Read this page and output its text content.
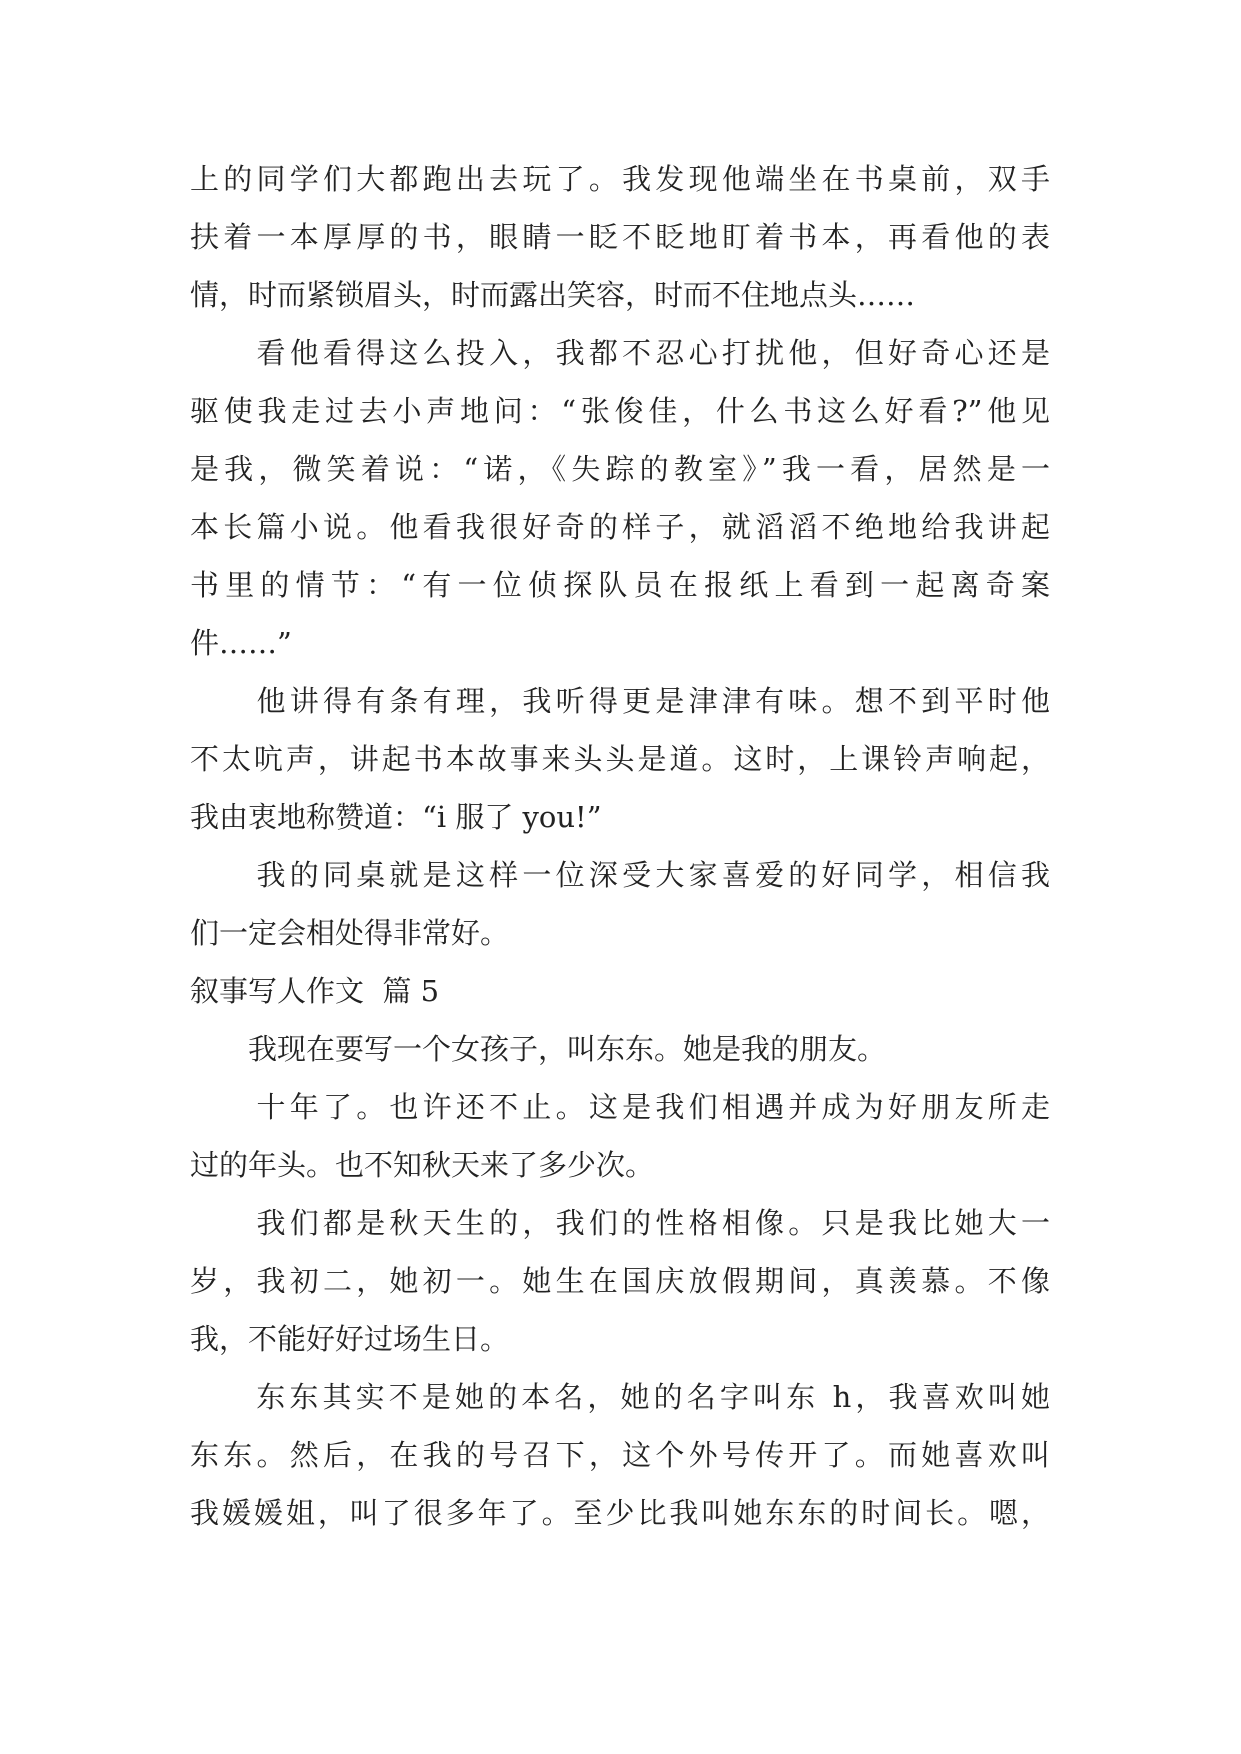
上的同学们大都跑出去玩了。我发现他端坐在书桌前，双手
扶着一本厚厚的书，眼睛一眨不眨地盯着书本，再看他的表
情，时而紧锁眉头，时而露出笑容，时而不住地点头……
　　看他看得这么投入，我都不忍心打扰他，但好奇心还是
驱使我走过去小声地问：“张俊佳，什么书这么好看?”他见
是我，微笑着说：“诺，《失踪的教室》”我一看，居然是一
本长篇小说。他看我很好奇的样子，就滔滔不绝地给我讲起
书里的情节：“有一位侦探队员在报纸上看到一起离奇案
件……”
　　他讲得有条有理，我听得更是津津有味。想不到平时他
不太吭声，讲起书本故事来头头是道。这时，上课铃声响起，
我由衷地称赞道：“i 服了 you!”
　　我的同桌就是这样一位深受大家喜爱的好同学，相信我
们一定会相处得非常好。
叙事写人作文  篇 5
　　我现在要写一个女孩子，叫东东。她是我的朋友。
　　十年了。也许还不止。这是我们相遇并成为好朋友所走
过的年头。也不知秋天来了多少次。
　　我们都是秋天生的，我们的性格相像。只是我比她大一
岁，我初二，她初一。她生在国庆放假期间，真羡慕。不像
我，不能好好过场生日。
　　东东其实不是她的本名，她的名字叫东 h，我喜欢叫她
东东。然后，在我的号召下，这个外号传开了。而她喜欢叫
我媛媛姐，叫了很多年了。至少比我叫她东东的时间长。嗯，
